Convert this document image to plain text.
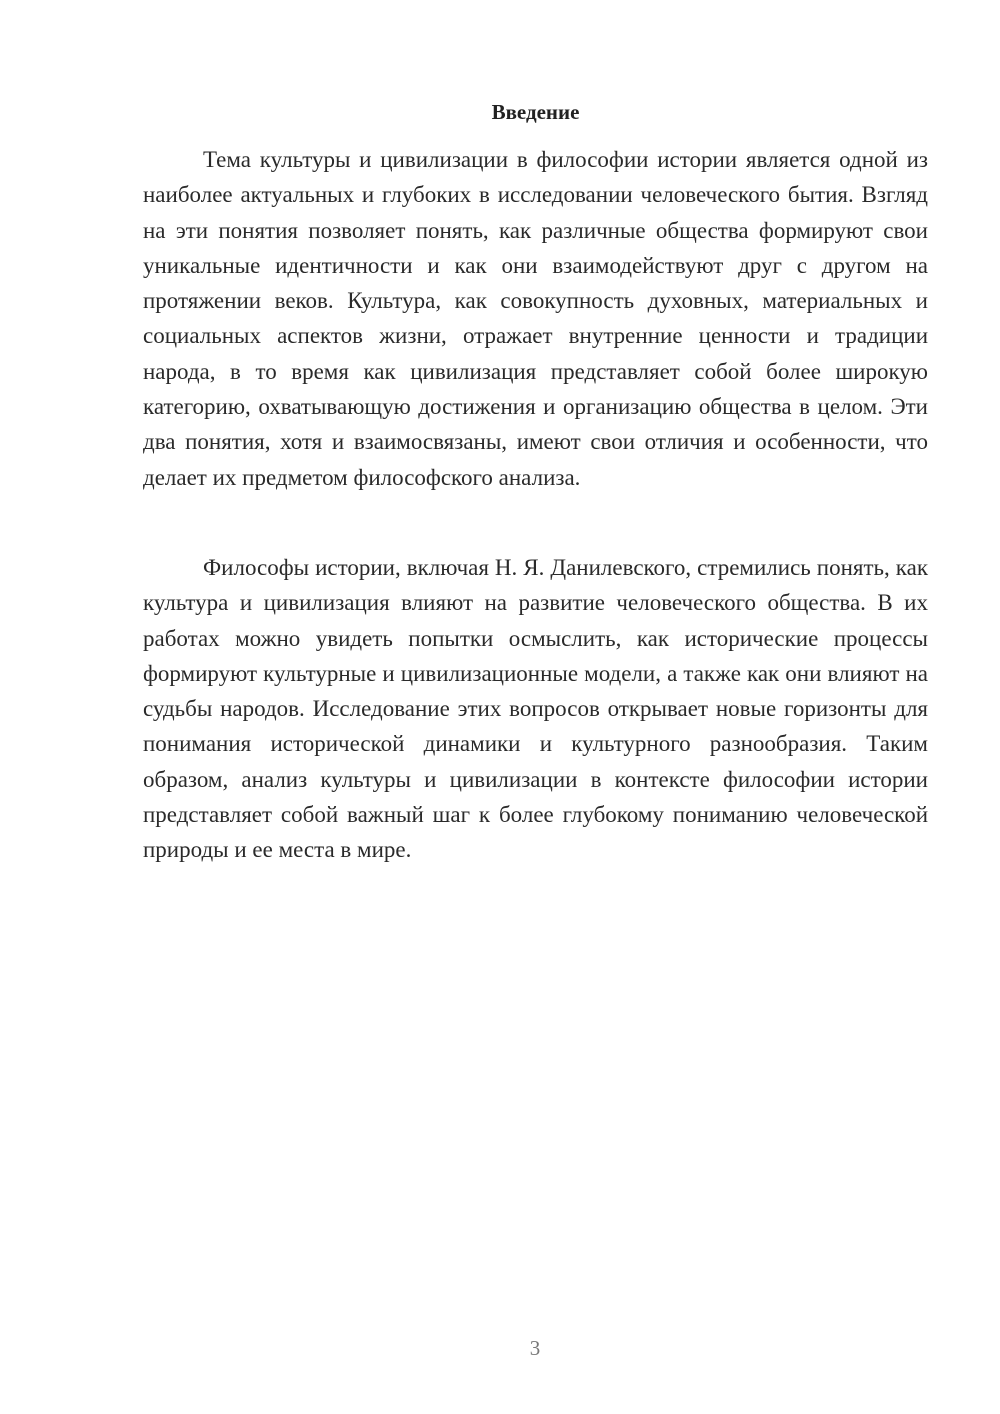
Введение

Тема культуры и цивилизации в философии истории является одной из наиболее актуальных и глубоких в исследовании человеческого бытия. Взгляд на эти понятия позволяет понять, как различные общества формируют свои уникальные идентичности и как они взаимодействуют друг с другом на протяжении веков. Культура, как совокупность духовных, материальных и социальных аспектов жизни, отражает внутренние ценности и традиции народа, в то время как цивилизация представляет собой более широкую категорию, охватывающую достижения и организацию общества в целом. Эти два понятия, хотя и взаимосвязаны, имеют свои отличия и особенности, что делает их предметом философского анализа.

Философы истории, включая Н. Я. Данилевского, стремились понять, как культура и цивилизация влияют на развитие человеческого общества. В их работах можно увидеть попытки осмыслить, как исторические процессы формируют культурные и цивилизационные модели, а также как они влияют на судьбы народов. Исследование этих вопросов открывает новые горизонты для понимания исторической динамики и культурного разнообразия. Таким образом, анализ культуры и цивилизации в контексте философии истории представляет собой важный шаг к более глубокому пониманию человеческой природы и ее места в мире.

3
